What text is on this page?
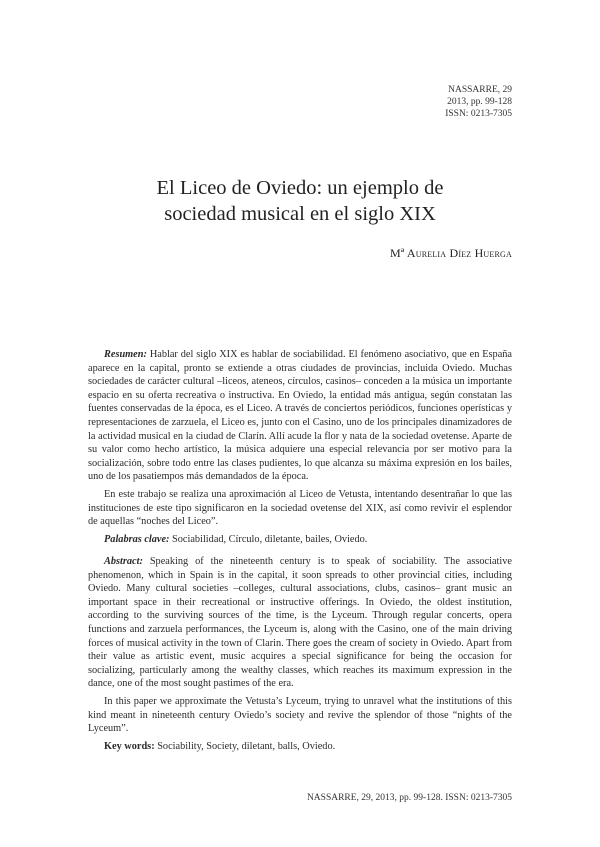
NASSARRE, 29
2013, pp. 99-128
ISSN: 0213-7305
El Liceo de Oviedo: un ejemplo de
sociedad musical en el siglo XIX
Mª Aurelia Díez Huerga

Resumen: Hablar del siglo XIX es hablar de sociabilidad. El fenómeno asociativo, que en España aparece en la capital, pronto se extiende a otras ciudades de provincias, incluida Oviedo. Muchas sociedades de carácter cultural –liceos, ateneos, círculos, casinos– conceden a la música un importante espacio en su oferta recreativa o instructiva. En Oviedo, la entidad más antigua, según constatan las fuentes conservadas de la época, es el Liceo. A través de conciertos periódicos, funciones operísticas y representaciones de zarzuela, el Liceo es, junto con el Casino, uno de los principales dinamizadores de la actividad musical en la ciudad de Clarín. Allí acude la flor y nata de la sociedad ovetense. Aparte de su valor como hecho artístico, la música adquiere una especial relevancia por ser motivo para la socialización, sobre todo entre las clases pudientes, lo que alcanza su máxima expresión en los bailes, uno de los pasatiempos más demandados de la época.

En este trabajo se realiza una aproximación al Liceo de Vetusta, intentando desentrañar lo que las instituciones de este tipo significaron en la sociedad ovetense del XIX, así como revivir el esplendor de aquellas “noches del Liceo”.

Palabras clave: Sociabilidad, Círculo, diletante, bailes, Oviedo.

Abstract: Speaking of the nineteenth century is to speak of sociability. The associative phenomenon, which in Spain is in the capital, it soon spreads to other provincial cities, including Oviedo. Many cultural societies –colleges, cultural associations, clubs, casinos– grant music an important space in their recreational or instructive offerings. In Oviedo, the oldest institution, according to the surviving sources of the time, is the Lyceum. Through regular concerts, opera functions and zarzuela performances, the Lyceum is, along with the Casino, one of the main driving forces of musical activity in the town of Clarin. There goes the cream of society in Oviedo. Apart from their value as artistic event, music acquires a special significance for being the occasion for socializing, particularly among the wealthy classes, which reaches its maximum expression in the dance, one of the most sought pastimes of the era.

In this paper we approximate the Vetusta’s Lyceum, trying to unravel what the institutions of this kind meant in nineteenth century Oviedo’s society and revive the splendor of those “nights of the Lyceum”.

Key words: Sociability, Society, diletant, balls, Oviedo.

NASSARRE, 29, 2013, pp. 99-128. ISSN: 0213-7305
